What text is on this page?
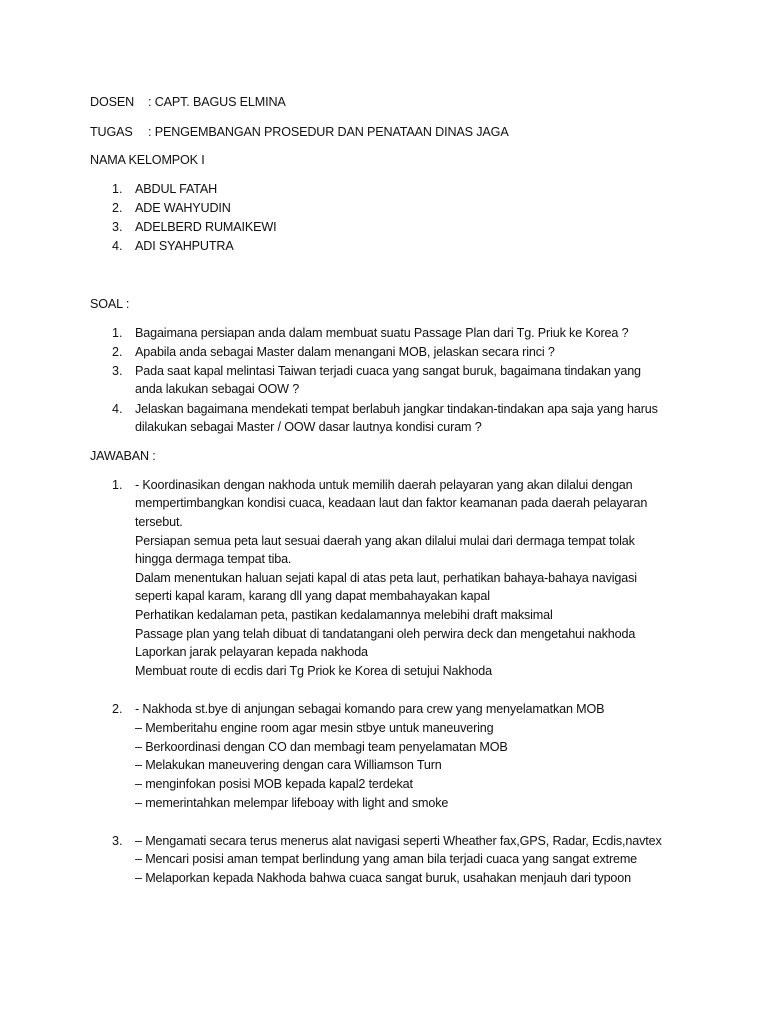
DOSEN : CAPT. BAGUS ELMINA
TUGAS : PENGEMBANGAN PROSEDUR DAN PENATAAN DINAS JAGA
NAMA KELOMPOK I
1. ABDUL FATAH
2. ADE WAHYUDIN
3. ADELBERD RUMAIKEWI
4. ADI SYAHPUTRA
SOAL :
1. Bagaimana persiapan anda dalam membuat suatu Passage Plan dari Tg. Priuk ke Korea ?
2. Apabila anda sebagai Master dalam menangani MOB, jelaskan secara rinci ?
3. Pada saat kapal melintasi Taiwan terjadi cuaca yang sangat buruk, bagaimana tindakan yang
anda lakukan sebagai OOW ?
4. Jelaskan bagaimana mendekati tempat berlabuh jangkar tindakan-tindakan apa saja yang harus
dilakukan sebagai Master / OOW dasar lautnya kondisi curam ?
JAWABAN :
1. - Koordinasikan dengan nakhoda untuk memilih daerah pelayaran yang akan dilalui dengan
mempertimbangkan kondisi cuaca, keadaan laut dan faktor keamanan pada daerah pelayaran
tersebut.
Persiapan semua peta laut sesuai daerah yang akan dilalui mulai dari dermaga tempat tolak
hingga dermaga tempat tiba.
Dalam menentukan haluan sejati kapal di atas peta laut, perhatikan bahaya-bahaya navigasi
seperti kapal karam, karang dll yang dapat membahayakan kapal
Perhatikan kedalaman peta, pastikan kedalamannya melebihi draft maksimal
Passage plan yang telah dibuat di tandatangani oleh perwira deck dan mengetahui nakhoda
Laporkan jarak pelayaran kepada nakhoda
Membuat route di ecdis dari Tg Priok ke Korea di setujui Nakhoda
2. - Nakhoda st.bye di anjungan sebagai komando para crew yang menyelamatkan MOB
– Memberitahu engine room agar mesin stbye untuk maneuvering
– Berkoordinasi dengan CO dan membagi team penyelamatan MOB
– Melakukan maneuvering dengan cara Williamson Turn
– menginfokan posisi MOB kepada kapal2 terdekat
– memerintahkan melempar lifeboay with light and smoke
3. – Mengamati secara terus menerus alat navigasi seperti Wheather fax,GPS, Radar, Ecdis,navtex
– Mencari posisi aman tempat berlindung yang aman bila terjadi cuaca yang sangat extreme
– Melaporkan kepada Nakhoda bahwa cuaca sangat buruk, usahakan menjauh dari typoon
